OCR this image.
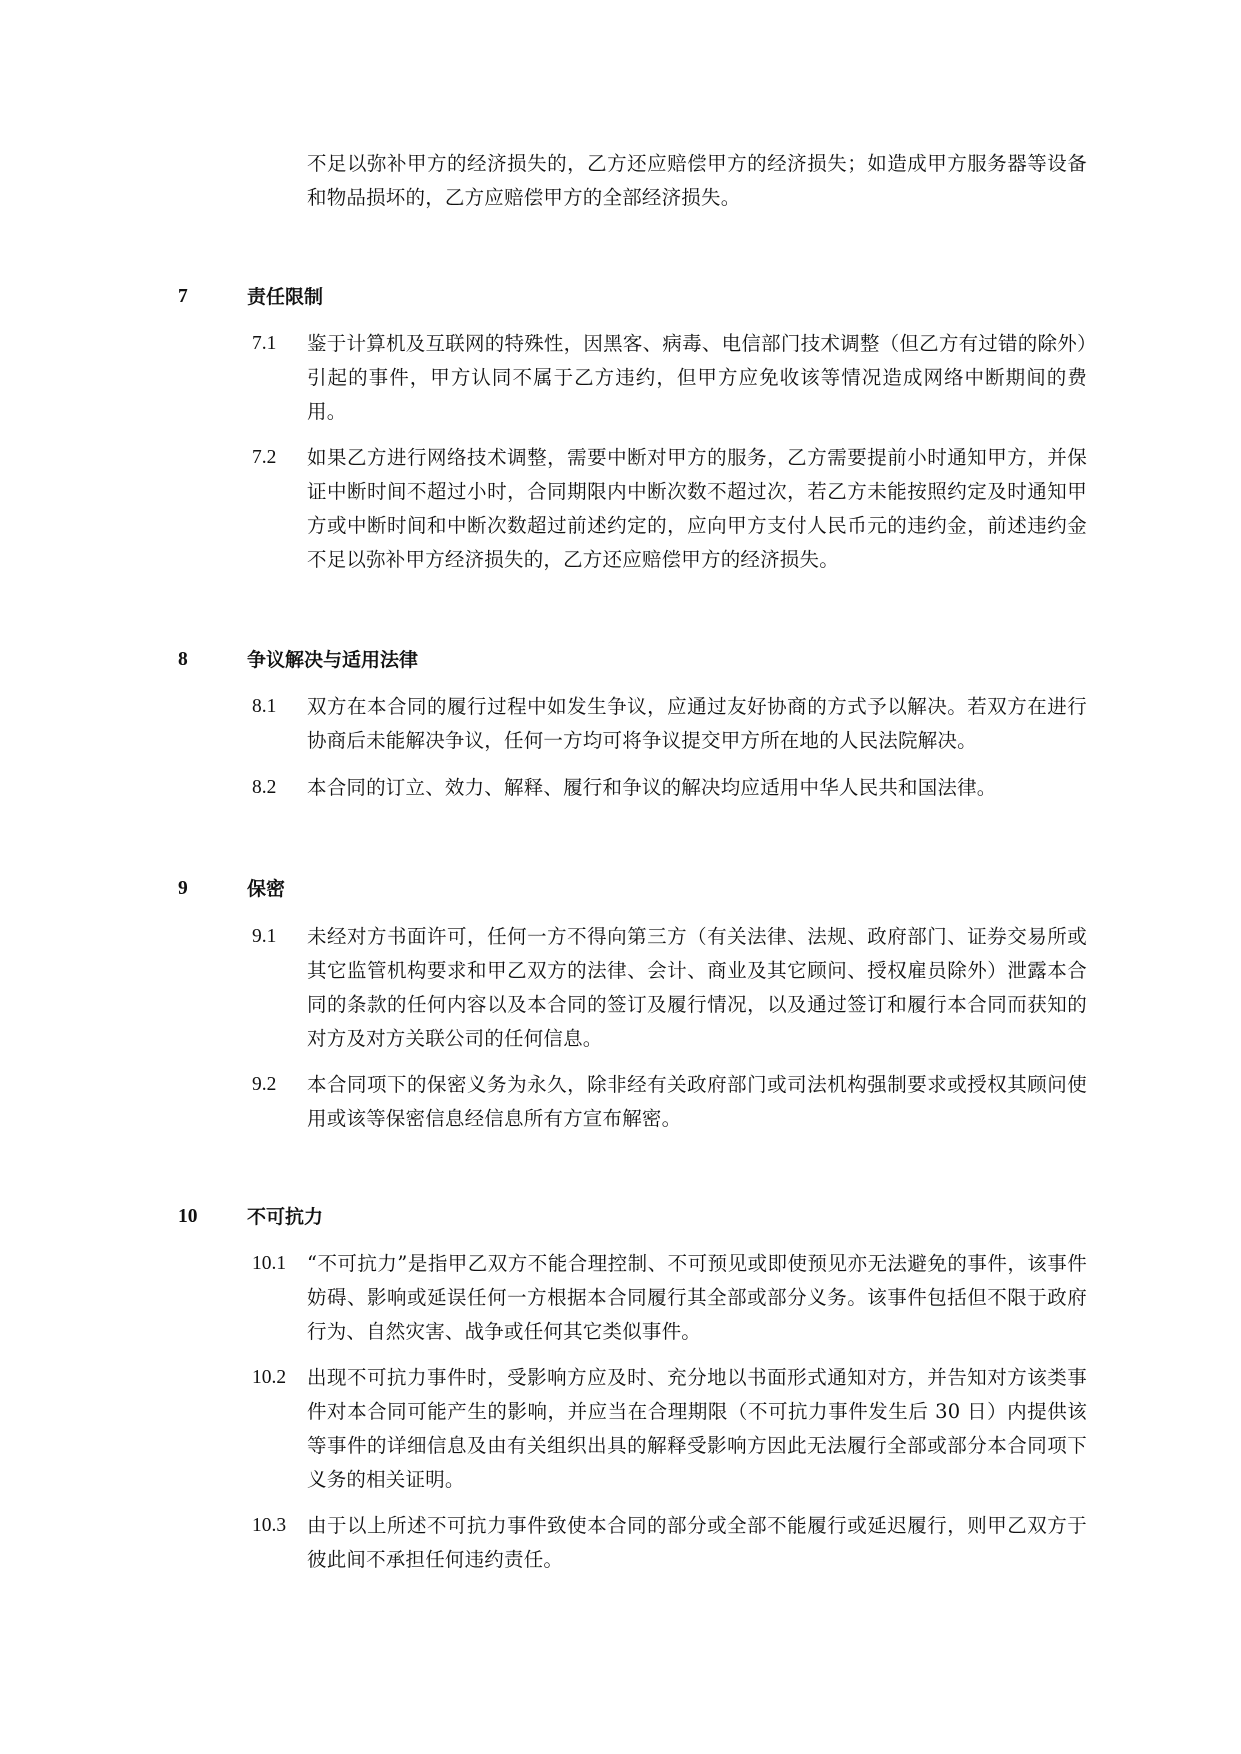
不足以弥补甲方的经济损失的，乙方还应赔偿甲方的经济损失；如造成甲方服务器等设备和物品损坏的，乙方应赔偿甲方的全部经济损失。
7	责任限制
7.1 鉴于计算机及互联网的特殊性，因黑客、病毒、电信部门技术调整（但乙方有过错的除外）引起的事件，甲方认同不属于乙方违约，但甲方应免收该等情况造成网络中断期间的费用。
7.2 如果乙方进行网络技术调整，需要中断对甲方的服务，乙方需要提前小时通知甲方，并保证中断时间不超过小时，合同期限内中断次数不超过次，若乙方未能按照约定及时通知甲方或中断时间和中断次数超过前述约定的，应向甲方支付人民币元的违约金，前述违约金不足以弥补甲方经济损失的，乙方还应赔偿甲方的经济损失。
8	争议解决与适用法律
8.1 双方在本合同的履行过程中如发生争议，应通过友好协商的方式予以解决。若双方在进行协商后未能解决争议，任何一方均可将争议提交甲方所在地的人民法院解决。
8.2 本合同的订立、效力、解释、履行和争议的解决均应适用中华人民共和国法律。
9	保密
9.1 未经对方书面许可，任何一方不得向第三方（有关法律、法规、政府部门、证券交易所或其它监管机构要求和甲乙双方的法律、会计、商业及其它顾问、授权雇员除外）泄露本合同的条款的任何内容以及本合同的签订及履行情况，以及通过签订和履行本合同而获知的对方及对方关联公司的任何信息。
9.2 本合同项下的保密义务为永久，除非经有关政府部门或司法机构强制要求或授权其顾问使用或该等保密信息经信息所有方宣布解密。
10	不可抗力
10.1 “不可抗力”是指甲乙双方不能合理控制、不可预见或即使预见亦无法避免的事件，该事件妨碍、影响或延误任何一方根据本合同履行其全部或部分义务。该事件包括但不限于政府行为、自然灾害、战争或任何其它类似事件。
10.2 出现不可抗力事件时，受影响方应及时、充分地以书面形式通知对方，并告知对方该类事件对本合同可能产生的影响，并应当在合理期限（不可抗力事件发生后 30 日）内提供该等事件的详细信息及由有关组织出具的解释受影响方因此无法履行全部或部分本合同项下义务的相关证明。
10.3 由于以上所述不可抗力事件致使本合同的部分或全部不能履行或延迟履行，则甲乙双方于彼此间不承担任何违约责任。
